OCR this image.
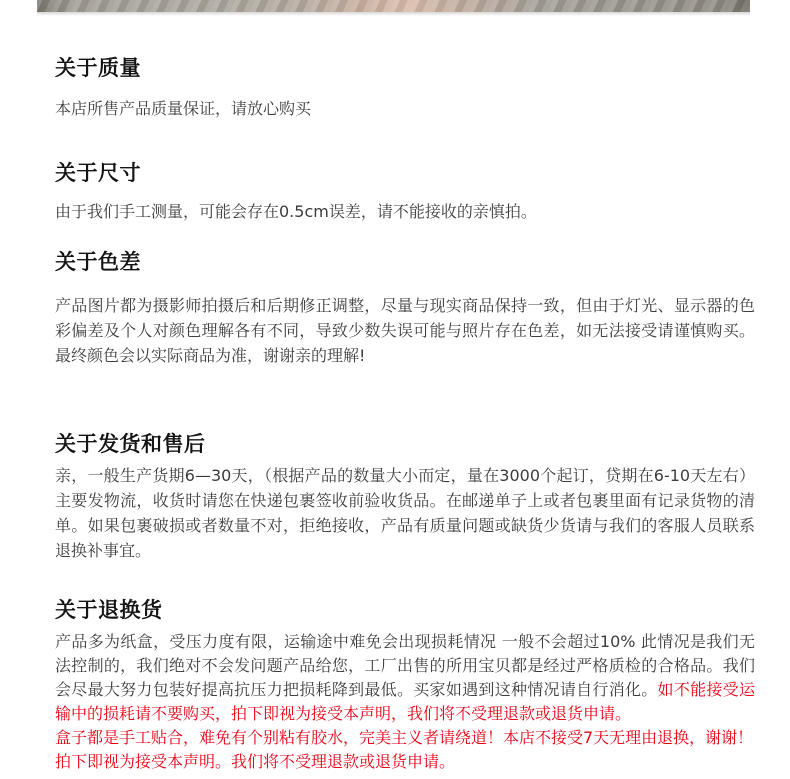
关于质量

本店所售产品质量保证，请放心购买

关于尺寸

由于我们手工测量，可能会存在0.5cm误差，请不能接收的亲慎拍。

关于色差

产品图片都为摄影师拍摄后和后期修正调整，尽量与现实商品保持一致，但由于灯光、显示器的色彩偏差及个人对颜色理解各有不同，导致少数失误可能与照片存在色差，如无法接受请谨慎购买。最终颜色会以实际商品为准，谢谢亲的理解!

关于发货和售后

亲，一般生产货期6—30天，（根据产品的数量大小而定，量在3000个起订，贷期在6-10天左右）主要发物流，收货时请您在快递包裹签收前验收货品。在邮递单子上或者包裹里面有记录货物的清单。如果包裹破损或者数量不对，拒绝接收，产品有质量问题或缺货少货请与我们的客服人员联系退换补事宜。

关于退换货

产品多为纸盒，受压力度有限，运输途中难免会出现损耗情况 一般不会超过10% 此情况是我们无法控制的，我们绝对不会发问题产品给您，工厂出售的所用宝贝都是经过严格质检的合格品。我们会尽最大努力包装好提高抗压力把损耗降到最低。买家如遇到这种情况请自行消化。如不能接受运输中的损耗请不要购买，拍下即视为接受本声明，我们将不受理退款或退货申请。
盒子都是手工贴合，难免有个别粘有胶水，完美主义者请绕道！本店不接受7天无理由退换，谢谢！
拍下即视为接受本声明。我们将不受理退款或退货申请。
